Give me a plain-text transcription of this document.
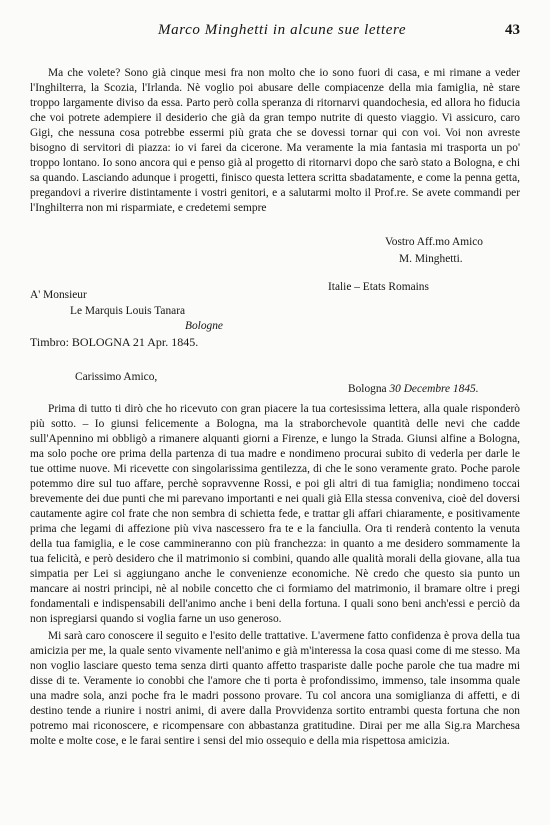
Marco Minghetti in alcune sue lettere	43

Ma che volete? Sono già cinque mesi fra non molto che io sono fuori di casa, e mi rimane a veder l'Inghilterra, la Scozia, l'Irlanda. Nè voglio poi abusare delle compiacenze della mia famiglia, nè stare troppo largamente diviso da essa. Parto però colla speranza di ritornarvi quandochesia, ed allora ho fiducia che voi potrete adempiere il desiderio che già da gran tempo nutrite di questo viaggio. Vi assicuro, caro Gigi, che nessuna cosa potrebbe essermi più grata che se dovessi tornar qui con voi. Voi non avreste bisogno di servitori di piazza: io vi farei da cicerone. Ma veramente la mia fantasia mi trasporta un po' troppo lontano. Io sono ancora qui e penso già al progetto di ritornarvi dopo che sarò stato a Bologna, e chi sa quando. Lasciando adunque i progetti, finisco questa lettera scritta sbadatamente, e come la penna getta, pregandovi a riverire distintamente i vostri genitori, e a salutarmi molto il Prof.re. Se avete commandi per l'Inghilterra non mi risparmiate, e credetemi sempre

Vostro Aff.mo Amico
M. Minghetti.
Italie – Etats Romains
A' Monsieur
Le Marquis Louis Tanara
Bologne
Timbro: BOLOGNA 21 Apr. 1845.
Carissimo Amico,
Bologna 30 Decembre 1845.

Prima di tutto ti dirò che ho ricevuto con gran piacere la tua cortesissima lettera, alla quale risponderò più sotto. – Io giunsi felicemente a Bologna, ma la straborchevole quantità delle nevi che cadde sull'Apennino mi obbligò a rimanere alquanti giorni a Firenze, e lungo la Strada. Giunsi alfine a Bologna, ma solo poche ore prima della partenza di tua madre e nondimeno procurai subito di vederla per darle le tue ottime nuove. Mi ricevette con singolarissima gentilezza, di che le sono veramente grato. Poche parole potemmo dire sul tuo affare, perchè sopravvenne Rossi, e poi gli altri di tua famiglia; nondimeno toccai brevemente dei due punti che mi parevano importanti e nei quali già Ella stessa conveniva, cioè del doversi cautamente agire col frate che non sembra di schietta fede, e trattar gli affari chiaramente, e positivamente prima che legami di affezione più viva nascessero fra te e la fanciulla. Ora ti renderà contento la venuta della tua famiglia, e le cose cammineranno con più franchezza: in quanto a me desidero sommamente la tua felicità, e però desidero che il matrimonio si combini, quando alle qualità morali della giovane, alla tua simpatia per Lei si aggiungano anche le convenienze economiche. Nè credo che questo sia punto un mancare ai nostri principi, nè al nobile concetto che ci formiamo del matrimonio, il bramare oltre i pregi fondamentali e indispensabili dell'animo anche i beni della fortuna. I quali sono beni anch'essi e perciò da non ispregiarsi quando si voglia farne un uso generoso.

Mi sarà caro conoscere il seguito e l'esito delle trattative. L'avermene fatto confidenza è prova della tua amicizia per me, la quale sento vivamente nell'animo e già m'interessa la cosa quasi come di me stesso. Ma non voglio lasciare questo tema senza dirti quanto affetto traspariste dalle poche parole che tua madre mi disse di te. Veramente io conobbi che l'amore che ti porta è profondissimo, immenso, tale insomma quale una madre sola, anzi poche fra le madri possono provare. Tu col ancora una somiglianza di affetti, e di destino tende a riunire i nostri animi, di avere dalla Provvidenza sortito entrambi questa fortuna che non potremo mai riconoscere, e ricompensare con abbastanza gratitudine. Dirai per me alla Sig.ra Marchesa molte e molte cose, e le farai sentire i sensi del mio ossequio e della mia rispettosa amicizia.
